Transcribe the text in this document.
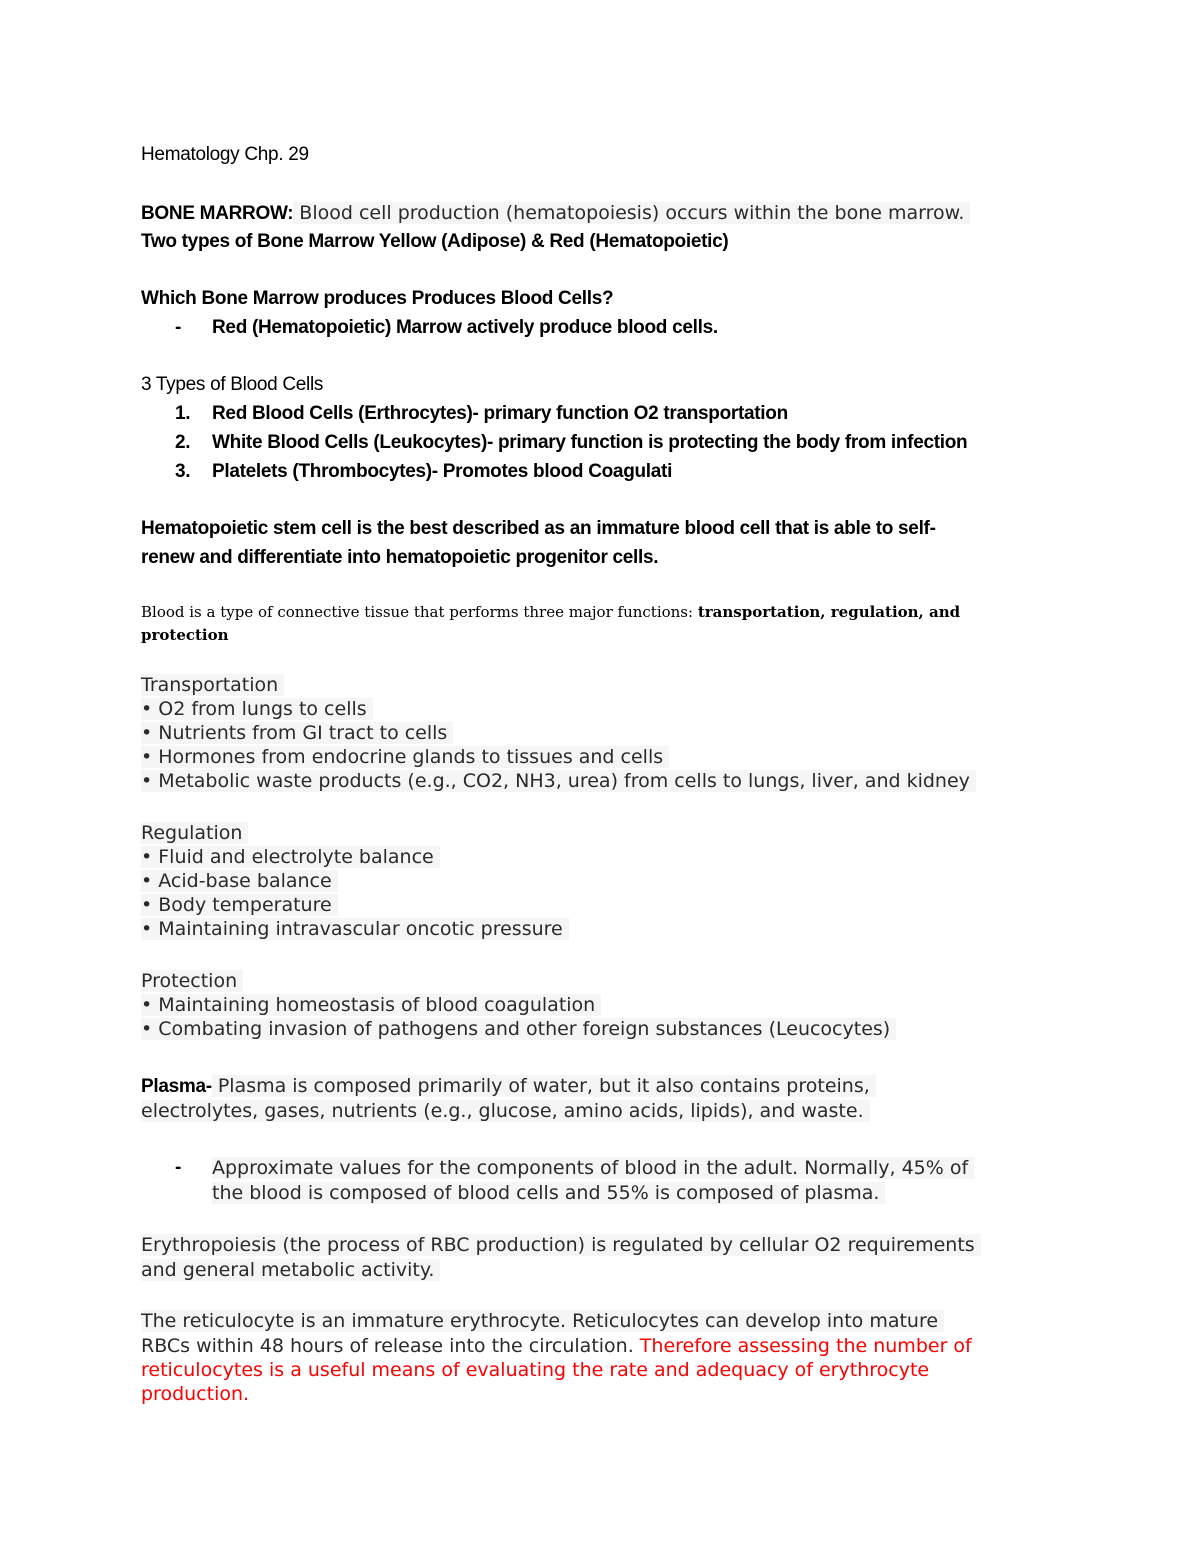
Hematology Chp. 29
BONE MARROW: Blood cell production (hematopoiesis) occurs within the bone marrow.
Two types of Bone Marrow Yellow (Adipose) & Red (Hematopoietic)
Which Bone Marrow produces Produces Blood Cells?
- Red (Hematopoietic) Marrow actively produce blood cells.
3 Types of Blood Cells
1. Red Blood Cells (Erthrocytes)- primary function O2 transportation
2. White Blood Cells (Leukocytes)- primary function is protecting the body from infection
3. Platelets (Thrombocytes)- Promotes blood Coagulati
Hematopoietic stem cell is the best described as an immature blood cell that is able to self-
renew and differentiate into hematopoietic progenitor cells.
Blood is a type of connective tissue that performs three major functions: transportation, regulation, and
protection
Transportation
• O2 from lungs to cells
• Nutrients from GI tract to cells
• Hormones from endocrine glands to tissues and cells
• Metabolic waste products (e.g., CO2, NH3, urea) from cells to lungs, liver, and kidney
Regulation
• Fluid and electrolyte balance
• Acid-base balance
• Body temperature
• Maintaining intravascular oncotic pressure
Protection
• Maintaining homeostasis of blood coagulation
• Combating invasion of pathogens and other foreign substances (Leucocytes)
Plasma- Plasma is composed primarily of water, but it also contains proteins,
electrolytes, gases, nutrients (e.g., glucose, amino acids, lipids), and waste.
- Approximate values for the components of blood in the adult. Normally, 45% of
the blood is composed of blood cells and 55% is composed of plasma.
Erythropoiesis (the process of RBC production) is regulated by cellular O2 requirements
and general metabolic activity.
The reticulocyte is an immature erythrocyte. Reticulocytes can develop into mature
RBCs within 48 hours of release into the circulation. Therefore assessing the number of
reticulocytes is a useful means of evaluating the rate and adequacy of erythrocyte
production.
